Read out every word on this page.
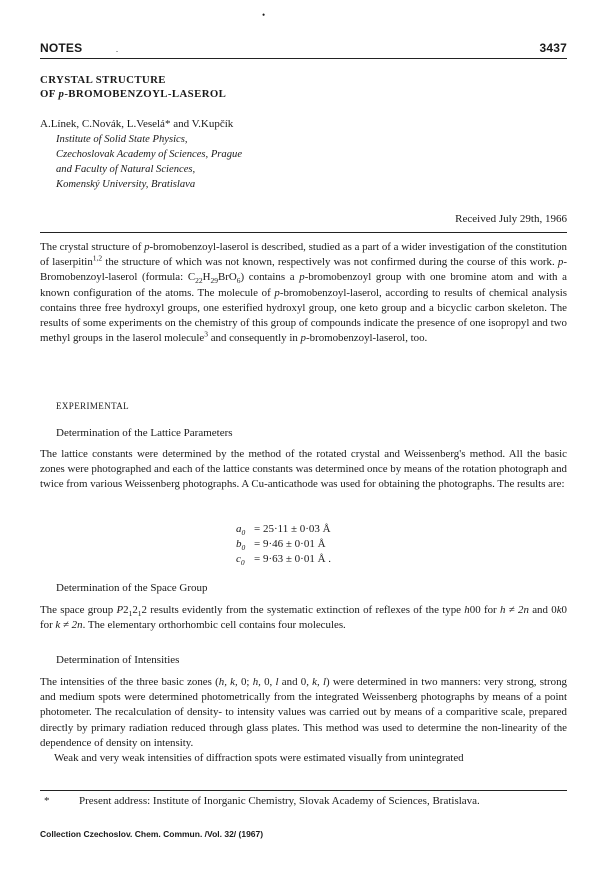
•
NOTES	3437
.
CRYSTAL STRUCTURE
OF p-BROMOBENZOYL-LASEROL
A.Línek, C.Novák, L.Veselá* and V.Kupčík
Institute of Solid State Physics,
Czechoslovak Academy of Sciences, Prague
and Faculty of Natural Sciences,
Komenský University, Bratislava
Received July 29th, 1966

The crystal structure of p-bromobenzoyl-laserol is described, studied as a part of a wider investigation of the constitution of laserpitin$^{1,2}$ the structure of which was not known, respectively was not confirmed during the course of this work. p-Bromobenzoyl-laserol (formula: $C_{22}H_{29}BrO_6$) contains a p-bromobenzoyl group with one bromine atom and with a known configuration of the atoms. The molecule of p-bromobenzoyl-laserol, according to results of chemical analysis contains three free hydroxyl groups, one esterified hydroxyl group, one keto group and a bicyclic carbon skeleton. The results of some experiments on the chemistry of this group of compounds indicate the presence of one isopropyl and two methyl groups in the laserol molecule$^3$ and consequently in p-bromobenzoyl-laserol, too.

EXPERIMENTAL
Determination of the Lattice Parameters

The lattice constants were determined by the method of the rotated crystal and Weissenberg's method. All the basic zones were photographed and each of the lattice constants was determined once by means of the rotation photograph and twice from various Weissenberg photographs. A Cu-anticathode was used for obtaining the photographs. The results are:

$a_0 = 25\cdot 11 \pm 0\cdot 03$ Å
$b_0 = 9\cdot 46 \pm 0\cdot 01$ Å
$c_0 = 9\cdot 63 \pm 0\cdot 01$ Å .
Determination of the Space Group

The space group $P2_12_12$ results evidently from the systematic extinction of reflexes of the type h00 for h ≠ 2n and 0k0 for k ≠ 2n. The elementary orthorhombic cell contains four molecules.

Determination of Intensities

The intensities of the three basic zones (h, k, 0; h, 0, l and 0, k, l) were determined in two manners: very strong, strong and medium spots were determined photometrically from the integrated Weissenberg photographs by means of a point photometer. The recalculation of density- to intensity values was carried out by means of a comparitive scale, prepared directly by primary radiation reduced through glass plates. This method was used to determine the non-linearity of the dependence of density on intensity.

Weak and very weak intensities of diffraction spots were estimated visually from unintegrated

*	Present address: Institute of Inorganic Chemistry, Slovak Academy of Sciences, Bratislava.
Collection Czechoslov. Chem. Commun. /Vol. 32/ (1967)
